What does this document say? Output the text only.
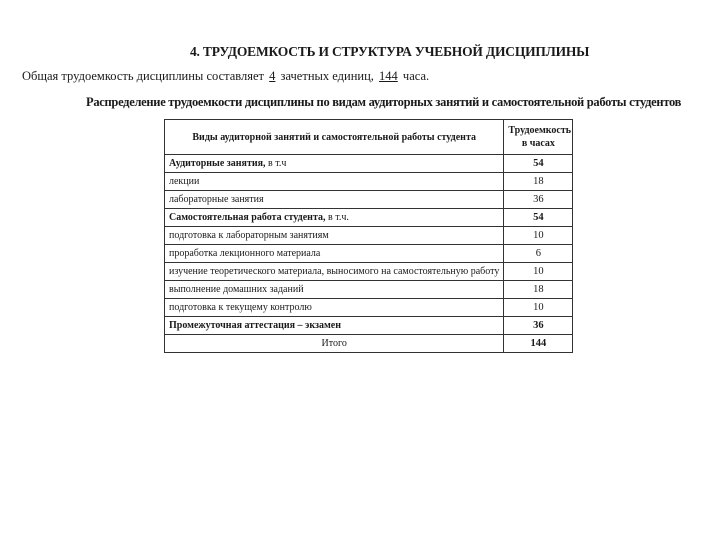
4. ТРУДОЕМКОСТЬ И СТРУКТУРА УЧЕБНОЙ ДИСЦИПЛИНЫ
Общая трудоемкость дисциплины составляет 4 зачетных единиц, 144 часа.
Распределение трудоемкости дисциплины по видам аудиторных занятий и самостоятельной работы студентов
Виды аудиторной занятий и самостоятельной работы студента	Трудоемкость в часах
Аудиторные занятия, в т.ч	54
лекции	18
лабораторные занятия	36
Самостоятельная работа студента, в т.ч.	54
подготовка к лабораторным занятиям	10
проработка лекционного материала	6
изучение теоретического материала, выносимого на самостоятельную работу	10
выполнение домашних заданий	18
подготовка к текущему контролю	10
Промежуточная аттестация – экзамен	36
Итого	144
